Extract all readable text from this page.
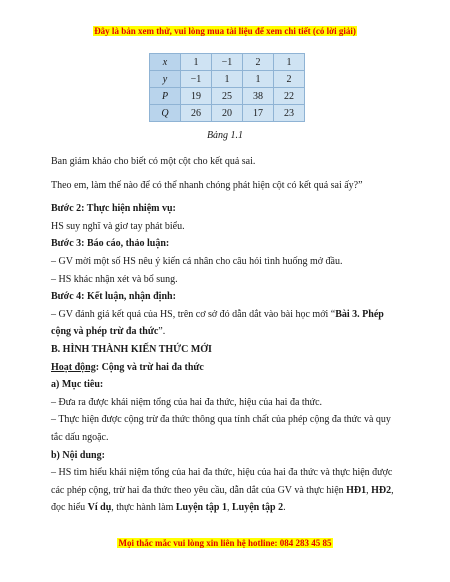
Đây là bản xem thử, vui lòng mua tài liệu để xem chi tiết (có lời giải)
x	1	−1	2	1
y	−1	1	1	2
P	19	25	38	22
Q	26	20	17	23
Bảng 1.1

Ban giám khảo cho biết có một cột cho kết quả sai.

Theo em, làm thế nào để có thể nhanh chóng phát hiện cột có kết quả sai ấy?”

Bước 2: Thực hiện nhiệm vụ:

HS suy nghĩ và giơ tay phát biểu.

Bước 3: Báo cáo, thảo luận:

– GV mời một số HS nêu ý kiến cá nhân cho câu hỏi tình huống mở đầu.

– HS khác nhận xét và bổ sung.

Bước 4: Kết luận, nhận định:

– GV đánh giá kết quả của HS, trên cơ sở đó dẫn dắt vào bài học mới “Bài 3. Phép cộng và phép trừ đa thức”.

B. HÌNH THÀNH KIẾN THỨC MỚI

Hoạt động: Cộng và trừ hai đa thức

a) Mục tiêu:

– Đưa ra được khái niệm tổng của hai đa thức, hiệu của hai đa thức.

– Thực hiện được cộng trừ đa thức thông qua tính chất của phép cộng đa thức và quy tắc dấu ngoặc.

b) Nội dung:

– HS tìm hiểu khái niệm tổng của hai đa thức, hiệu của hai đa thức và thực hiện được các phép cộng, trừ hai đa thức theo yêu cầu, dẫn dắt của GV và thực hiện HĐ1, HĐ2, đọc hiểu Ví dụ, thực hành làm Luyện tập 1, Luyện tập 2.

Mọi thắc mắc vui lòng xin liên hệ hotline: 084 283 45 85
